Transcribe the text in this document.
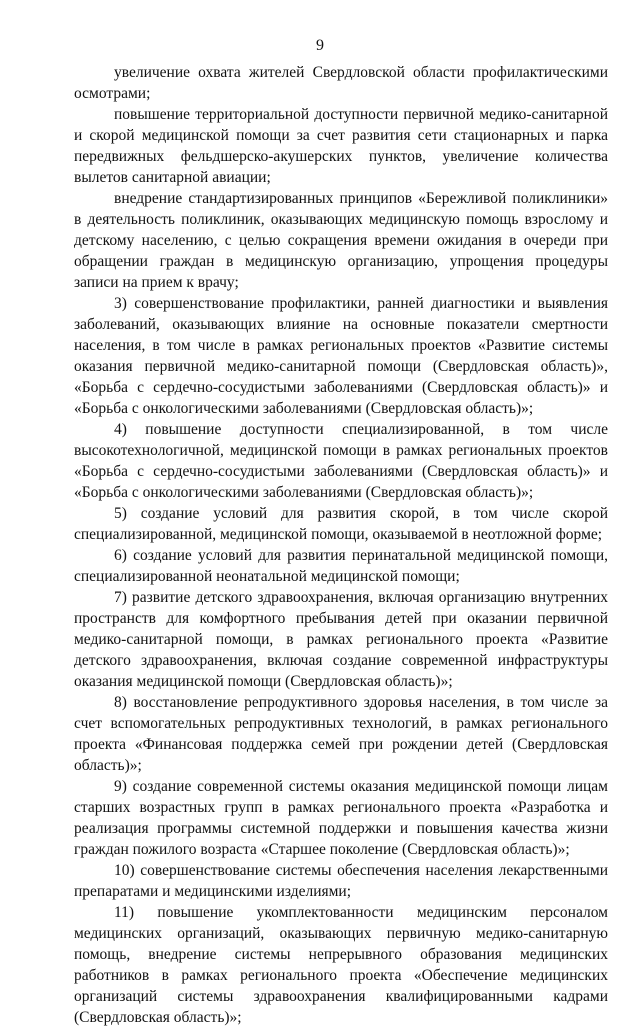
9

увеличение охвата жителей Свердловской области профилактическими осмотрами;

повышение территориальной доступности первичной медико-санитарной и скорой медицинской помощи за счет развития сети стационарных и парка передвижных фельдшерско-акушерских пунктов, увеличение количества вылетов санитарной авиации;

внедрение стандартизированных принципов «Бережливой поликлиники» в деятельность поликлиник, оказывающих медицинскую помощь взрослому и детскому населению, с целью сокращения времени ожидания в очереди при обращении граждан в медицинскую организацию, упрощения процедуры записи на прием к врачу;

3) совершенствование профилактики, ранней диагностики и выявления заболеваний, оказывающих влияние на основные показатели смертности населения, в том числе в рамках региональных проектов «Развитие системы оказания первичной медико-санитарной помощи (Свердловская область)», «Борьба с сердечно-сосудистыми заболеваниями (Свердловская область)» и «Борьба с онкологическими заболеваниями (Свердловская область)»;

4) повышение доступности специализированной, в том числе высокотехнологичной, медицинской помощи в рамках региональных проектов «Борьба с сердечно-сосудистыми заболеваниями (Свердловская область)» и «Борьба с онкологическими заболеваниями (Свердловская область)»;

5) создание условий для развития скорой, в том числе скорой специализированной, медицинской помощи, оказываемой в неотложной форме;

6) создание условий для развития перинатальной медицинской помощи, специализированной неонатальной медицинской помощи;

7) развитие детского здравоохранения, включая организацию внутренних пространств для комфортного пребывания детей при оказании первичной медико-санитарной помощи, в рамках регионального проекта «Развитие детского здравоохранения, включая создание современной инфраструктуры оказания медицинской помощи (Свердловская область)»;

8) восстановление репродуктивного здоровья населения, в том числе за счет вспомогательных репродуктивных технологий, в рамках регионального проекта «Финансовая поддержка семей при рождении детей (Свердловская область)»;

9) создание современной системы оказания медицинской помощи лицам старших возрастных групп в рамках регионального проекта «Разработка и реализация программы системной поддержки и повышения качества жизни граждан пожилого возраста «Старшее поколение (Свердловская область)»;

10) совершенствование системы обеспечения населения лекарственными препаратами и медицинскими изделиями;

11) повышение укомплектованности медицинским персоналом медицинских организаций, оказывающих первичную медико-санитарную помощь, внедрение системы непрерывного образования медицинских работников в рамках регионального проекта «Обеспечение медицинских организаций системы здравоохранения квалифицированными кадрами (Свердловская область)»;
